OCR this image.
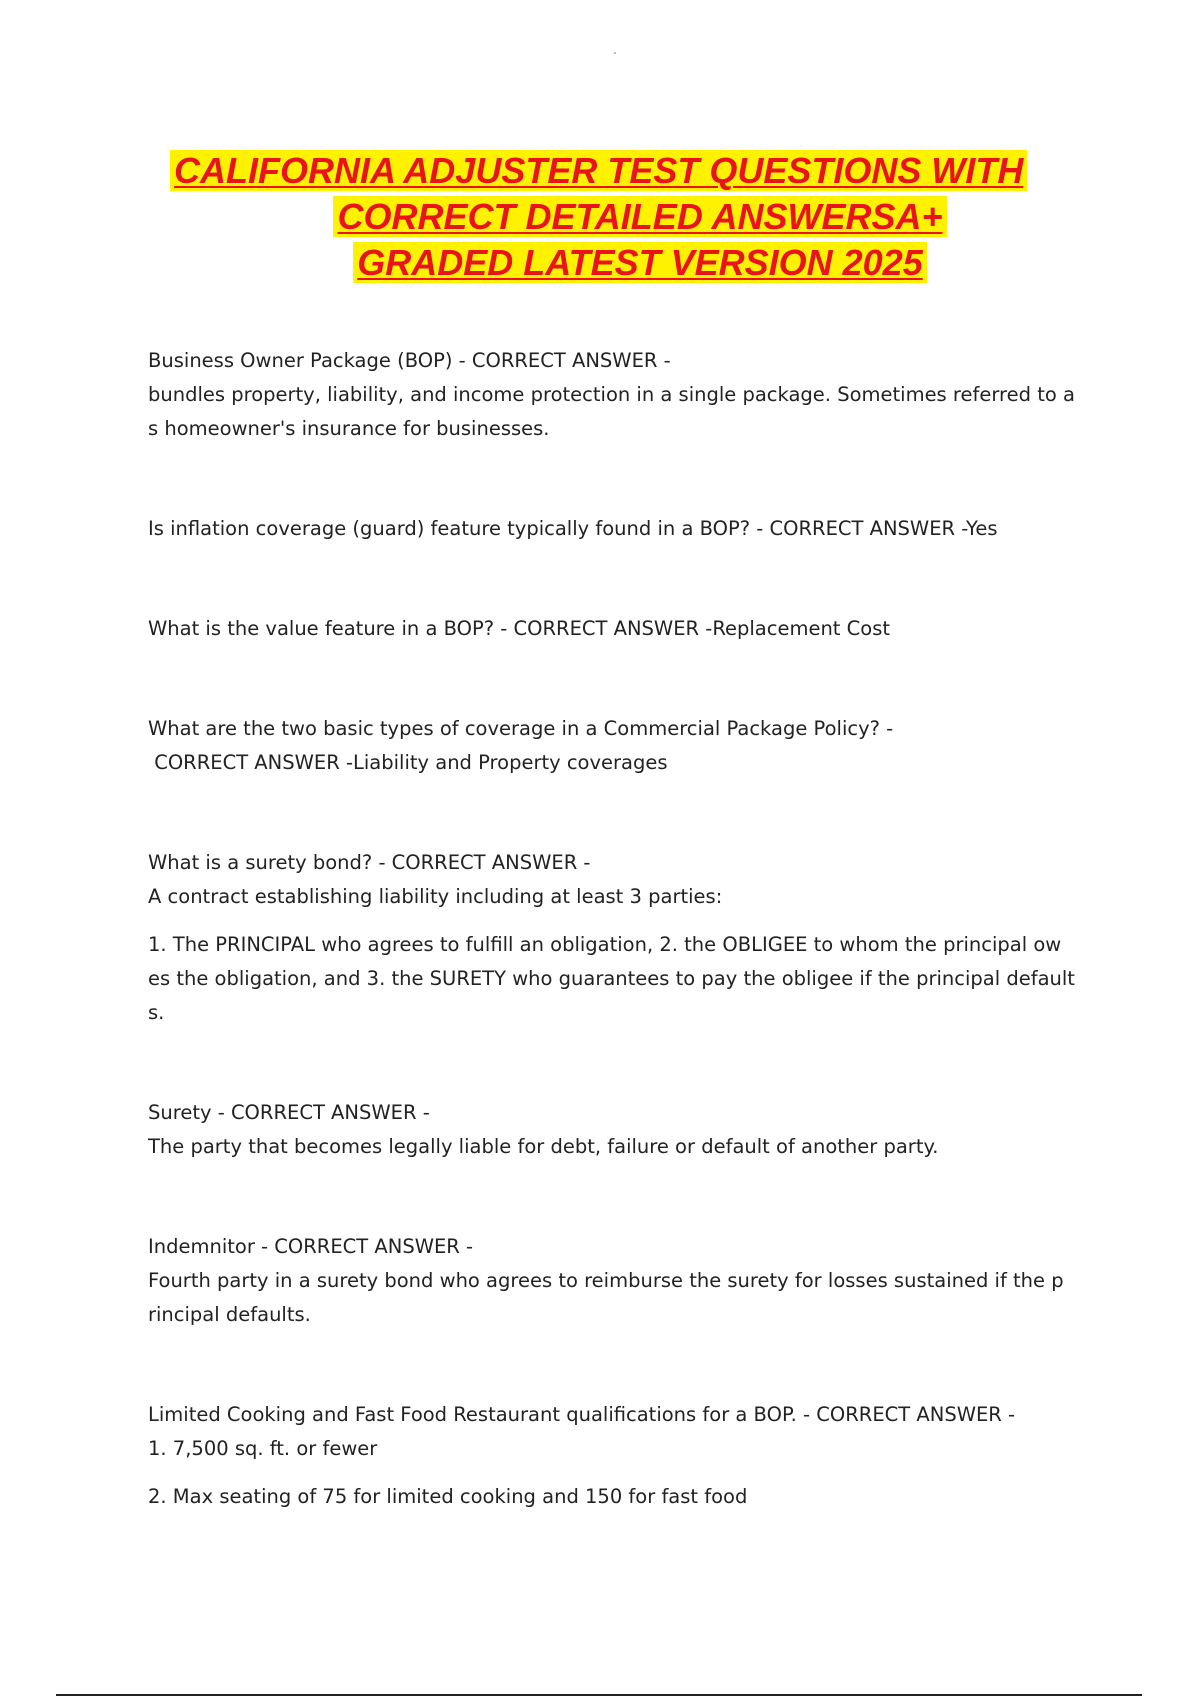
CALIFORNIA ADJUSTER TEST QUESTIONS WITH
CORRECT DETAILED ANSWERSA+
GRADED LATEST VERSION 2025

Business Owner Package (BOP) - CORRECT ANSWER -

bundles property, liability, and income protection in a single package. Sometimes referred to a

s homeowner's insurance for businesses.

Is inflation coverage (guard) feature typically found in a BOP? - CORRECT ANSWER -Yes

What is the value feature in a BOP? - CORRECT ANSWER -Replacement Cost

What are the two basic types of coverage in a Commercial Package Policy? -

CORRECT ANSWER -Liability and Property coverages

What is a surety bond? - CORRECT ANSWER -

A contract establishing liability including at least 3 parties:

1. The PRINCIPAL who agrees to fulfill an obligation, 2. the OBLIGEE to whom the principal ow

es the obligation, and 3. the SURETY who guarantees to pay the obligee if the principal default

s.

Surety - CORRECT ANSWER -

The party that becomes legally liable for debt, failure or default of another party.

Indemnitor - CORRECT ANSWER -

Fourth party in a surety bond who agrees to reimburse the surety for losses sustained if the p

rincipal defaults.

Limited Cooking and Fast Food Restaurant qualifications for a BOP. - CORRECT ANSWER -

1. 7,500 sq. ft. or fewer

2. Max seating of 75 for limited cooking and 150 for fast food
